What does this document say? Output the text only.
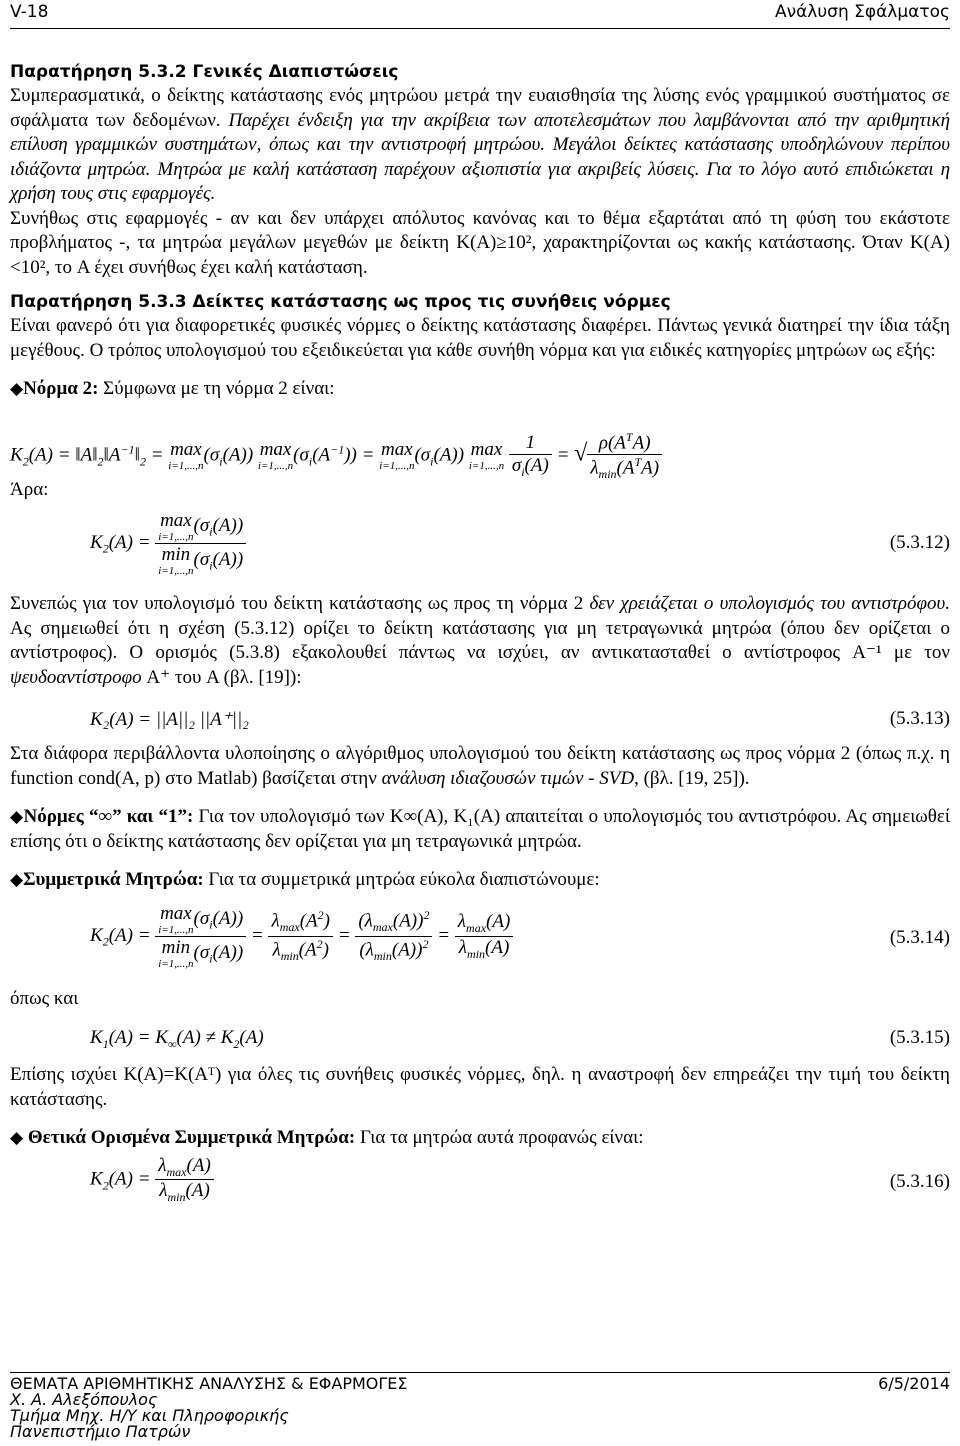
V-18	Ανάλυση Σφάλματος

Παρατήρηση 5.3.2 Γενικές Διαπιστώσεις

Συμπερασματικά, ο δείκτης κατάστασης ενός μητρώου μετρά την ευαισθησία της λύσης ενός γραμμικού συστήματος σε σφάλματα των δεδομένων. Παρέχει ένδειξη για την ακρίβεια των αποτελεσμάτων που λαμβάνονται από την αριθμητική επίλυση γραμμικών συστημάτων, όπως και την αντιστροφή μητρώου. Μεγάλοι δείκτες κατάστασης υποδηλώνουν περίπου ιδιάζοντα μητρώα. Μητρώα με καλή κατάσταση παρέχουν αξιοπιστία για ακριβείς λύσεις. Για το λόγο αυτό επιδιώκεται η χρήση τους στις εφαρμογές.

Συνήθως στις εφαρμογές - αν και δεν υπάρχει απόλυτος κανόνας και το θέμα εξαρτάται από τη φύση του εκάστοτε προβλήματος -, τα μητρώα μεγάλων μεγεθών με δείκτη Κ(A)≥10², χαρακτηρίζονται ως κακής κατάστασης. Όταν Κ(A)<10², το A έχει συνήθως έχει καλή κατάσταση.

Παρατήρηση 5.3.3 Δείκτες κατάστασης ως προς τις συνήθεις νόρμες

Είναι φανερό ότι για διαφορετικές φυσικές νόρμες ο δείκτης κατάστασης διαφέρει. Πάντως γενικά διατηρεί την ίδια τάξη μεγέθους. Ο τρόπος υπολογισμού του εξειδικεύεται για κάθε συνήθη νόρμα και για ειδικές κατηγορίες μητρώων ως εξής:

◆Νόρμα 2: Σύμφωνα με τη νόρμα 2 είναι:

$K_2(A)$ = $‖A‖_2‖A^{-1}‖_2 = \max$
i=1,...,n
$(\sigma_i(A))$ max
i=1,...,n
$(\sigma_i(A^{-1})) = \max$
i=1,...,n
$(\sigma_i(A))$ max
i=1,...,n
$\frac{1}{\sigma_i(A)}$ = √ $\frac{\rho(A^TA)}{\lambda_{min}(A^TA)}$

Άρα:

$K_2(A) = \max$
i=1,...,n
$(\sigma_i(A))$
min
i=1,...,n
$(\sigma_i(A))$	(5.3.12)

Συνεπώς για τον υπολογισμό του δείκτη κατάστασης ως προς τη νόρμα 2 δεν χρειάζεται ο υπολογισμός του αντιστρόφου. Ας σημειωθεί ότι η σχέση (5.3.12) ορίζει το δείκτη κατάστασης για μη τετραγωνικά μητρώα (όπου δεν ορίζεται ο αντίστροφος). Ο ορισμός (5.3.8) εξακολουθεί πάντως να ισχύει, αν αντικατασταθεί ο αντίστροφος A⁻¹ με τον ψευδοαντίστροφο A⁺ του A (βλ. [19]):

K₂(A) = ||A||₂ ||A⁺||₂	(5.3.13)

Στα διάφορα περιβάλλοντα υλοποίησης ο αλγόριθμος υπολογισμού του δείκτη κατάστασης ως προς νόρμα 2 (όπως π.χ. η function cond(A, p) στο Matlab) βασίζεται στην ανάλυση ιδιαζουσών τιμών - SVD, (βλ. [19, 25]).

◆Νόρμες “∞” και “1”: Για τον υπολογισμό των K∞(A), K₁(A) απαιτείται ο υπολογισμός του αντιστρόφου. Ας σημειωθεί επίσης ότι ο δείκτης κατάστασης δεν ορίζεται για μη τετραγωνικά μητρώα.

◆Συμμετρικά Μητρώα: Για τα συμμετρικά μητρώα εύκολα διαπιστώνουμε:

$K_2(A) = \max$
i=1,...,n
$(\sigma_i(A))$
min
i=1,...,n
$(\sigma_i(A)) = \frac{\lambda_{max}(A^2)}{\lambda_{min}(A^2)} = \frac{(\lambda_{max}(A))^2}{(\lambda_{min}(A))^2} = \frac{\lambda_{max}(A)}{\lambda_{min}(A)}$	(5.3.14)

όπως και

$K_1(A) = K_\infty(A) \ne K_2(A)$	(5.3.15)

Επίσης ισχύει K(A)=K(Aᵀ) για όλες τις συνήθεις φυσικές νόρμες, δηλ. η αναστροφή δεν επηρεάζει την τιμή του δείκτη κατάστασης.

◆ Θετικά Ορισμένα Συμμετρικά Μητρώα: Για τα μητρώα αυτά προφανώς είναι:

$K_2(A) = \frac{\lambda_{max}(A)}{\lambda_{min}(A)}$	(5.3.16)
ΘΕΜΑΤΑ ΑΡΙΘΜΗΤΙΚΗΣ ΑΝΑΛΥΣΗΣ & ΕΦΑΡΜΟΓΕΣ
Χ. Α. Αλεξόπουλος
Τμήμα Μηχ. Η/Υ και Πληροφορικής
Πανεπιστήμιο Πατρών
6/5/2014
